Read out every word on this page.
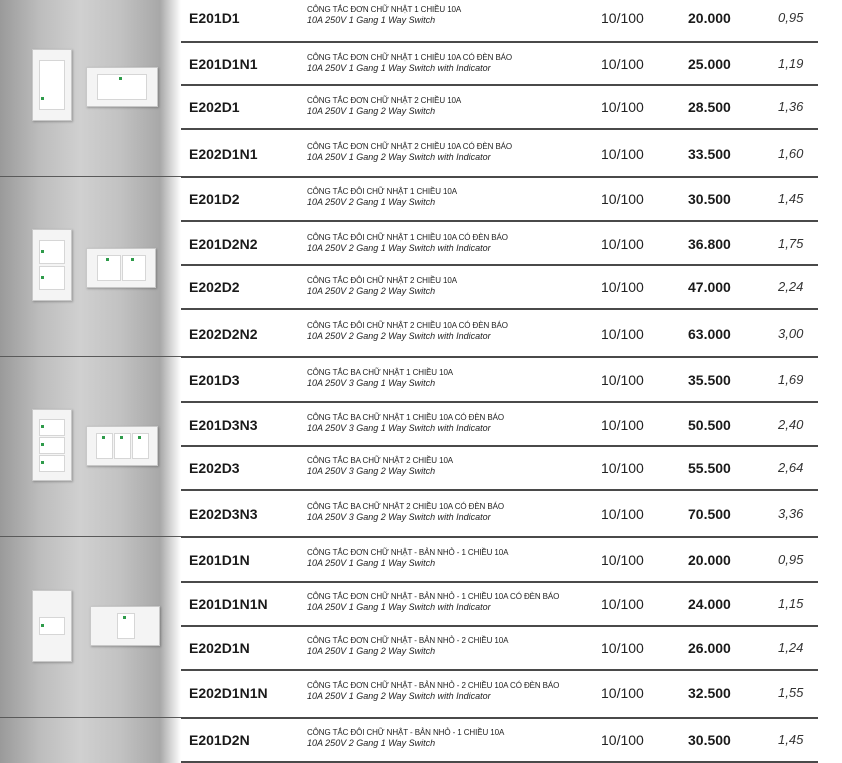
E201D1
CÔNG TẮC ĐƠN CHỮ NHẬT 1 CHIỀU 10A
10A 250V 1 Gang 1 Way Switch	10/100	20.000	0,95
E201D1N1	CÔNG TẮC ĐƠN CHỮ NHẬT 1 CHIỀU 10A CÓ ĐÈN BÁO
10A 250V 1 Gang 1 Way Switch with Indicator	10/100	25.000	1,19
E202D1	CÔNG TẮC ĐƠN CHỮ NHẬT 2 CHIỀU 10A
10A 250V 1 Gang 2 Way Switch	10/100	28.500	1,36
E202D1N1	CÔNG TẮC ĐƠN CHỮ NHẬT 2 CHIỀU 10A CÓ ĐÈN BÁO
10A 250V 1 Gang 2 Way Switch with Indicator	10/100	33.500	1,60
E201D2	CÔNG TẮC ĐÔI CHỮ NHẬT 1 CHIỀU 10A
10A 250V 2 Gang 1 Way Switch	10/100	30.500	1,45
E201D2N2	CÔNG TẮC ĐÔI CHỮ NHẬT 1 CHIỀU 10A CÓ ĐÈN BÁO
10A 250V 2 Gang 1 Way Switch with Indicator	10/100	36.800	1,75
E202D2	CÔNG TẮC ĐÔI CHỮ NHẬT 2 CHIỀU 10A
10A 250V 2 Gang 2 Way Switch	10/100	47.000	2,24
E202D2N2
CÔNG TẮC ĐÔI CHỮ NHẬT 2 CHIỀU 10A CÓ ĐÈN BÁO
10A 250V 2 Gang 2 Way Switch with Indicator	10/100	63.000	3,00
E201D3	CÔNG TẮC BA CHỮ NHẬT 1 CHIỀU 10A
10A 250V 3 Gang 1 Way Switch	10/100	35.500	1,69
E201D3N3	CÔNG TẮC BA CHỮ NHẬT 1 CHIỀU 10A CÓ ĐÈN BÁO
10A 250V 3 Gang 1 Way Switch with Indicator	10/100	50.500	2,40
E202D3	CÔNG TẮC BA CHỮ NHẬT 2 CHIỀU 10A
10A 250V 3 Gang 2 Way Switch	10/100	55.500	2,64
E202D3N3	CÔNG TẮC BA CHỮ NHẬT 2 CHIỀU 10A CÓ ĐÈN BÁO
10A 250V 3 Gang 2 Way Switch with Indicator	10/100	70.500	3,36
E201D1N	CÔNG TẮC ĐƠN CHỮ NHẬT - BẢN NHỎ - 1 CHIỀU 10A
10A 250V 1 Gang 1 Way Switch	10/100	20.000	0,95
E201D1N1N	CÔNG TẮC ĐƠN CHỮ NHẬT - BẢN NHỎ - 1 CHIỀU 10A CÓ ĐÈN BÁO
10A 250V 1 Gang 1 Way Switch with Indicator	10/100	24.000	1,15
E202D1N	CÔNG TẮC ĐƠN CHỮ NHẬT - BẢN NHỎ - 2 CHIỀU 10A
10A 250V 1 Gang 2 Way Switch	10/100	26.000	1,24
E202D1N1N	CÔNG TẮC ĐƠN CHỮ NHẬT - BẢN NHỎ - 2 CHIỀU 10A CÓ ĐÈN BÁO
10A 250V 1 Gang 2 Way Switch with Indicator	10/100	32.500	1,55
E201D2N	CÔNG TẮC ĐÔI CHỮ NHẬT - BẢN NHỎ - 1 CHIỀU 10A
10A 250V 2 Gang 1 Way Switch	10/100	30.500	1,45
